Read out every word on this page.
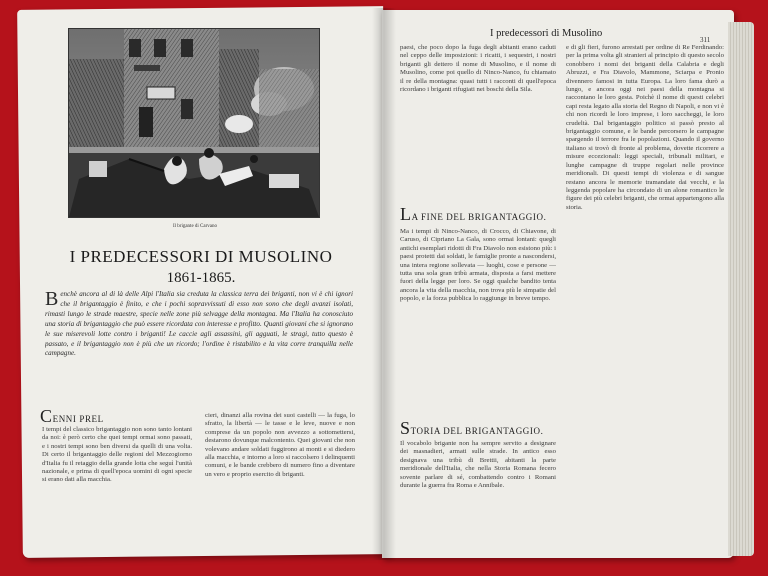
Il brigante di Carvano
I PREDECESSORI DI MUSOLINO
1861-1865.
Benchè ancora al di là delle Alpi l'Italia sia creduta la classica terra dei briganti, non vi è chi ignori che il brigantaggio è finito, e che i pochi sopravvissuti di esso non sono che degli avanzi isolati, rimasti lungo le strade maestre, specie nelle zone più selvagge della montagna. Ma l'Italia ha conosciuto una storia di brigantaggio che può essere ricordata con interesse e profitto. Quanti giovani che si ignorano le sue miserevoli lotte contro i briganti! Le caccie agli assassini, gli agguati, le stragi, tutto questo è passato, e il brigantaggio non è più che un ricordo; l'ordine è ristabilito e la vita corre tranquilla nelle campagne.
CENNI PREL
I tempi del classico brigantaggio non sono tanto lontani da noi: è però certo che quei tempi ormai sono passati, e i nostri tempi sono ben diversi da quelli di una volta. Di certo il brigantaggio delle regioni del Mezzogiorno d'Italia fu il retaggio della grande lotta che seguì l'unità nazionale, e prima di quell'epoca uomini di ogni specie si erano dati alla macchia.
cieri, dinanzi alla rovina dei suoi castelli — la fuga, lo sfratto, la libertà — le tasse e le leve, nuove e non comprese da un popolo non avvezzo a sottomettersi, destarono dovunque malcontento. Quei giovani che non volevano andare soldati fuggirono ai monti e si diedero alla macchia, e intorno a loro si raccolsero i delinquenti comuni, e le bande crebbero di numero fino a diventare un vero e proprio esercito di briganti.
I predecessori di Musolino
311
paesi, che poco dopo la fuga degli abitanti erano caduti nel ceppo delle imposizioni: i ricatti, i sequestri, i nostri briganti gli dettero il nome di Musolino, e il nome di Musolino, come poi quello di Ninco-Nanco, fu chiamato il re della montagna: quasi tutti i racconti di quell'epoca ricordano i briganti rifugiati nei boschi della Sila.
LA FINE DEL BRIGANTAGGIO.
Ma i tempi di Ninco-Nanco, di Crocco, di Chiavone, di Caruso, di Cipriano La Gala, sono ormai lontani: quegli antichi esemplari ridotti di Fra Diavolo non esistono più: i paesi protetti dai soldati, le famiglie pronte a nascondersi, una intera regione sollevata — luoghi, cose e persone — tutta una sola gran tribù armata, disposta a farsi mettere fuori della legge per loro. Se oggi qualche bandito tenta ancora la vita della macchia, non trova più le simpatie del popolo, e la forza pubblica lo raggiunge in breve tempo.
STORIA DEL BRIGANTAGGIO.
Il vocabolo brigante non ha sempre servito a designare dei masnadieri, armati sulle strade. In antico esso designava una tribù di Brettii, abitanti la parte meridionale dell'Italia, che nella Storia Romana fecero sovente parlare di sé, combattendo contro i Romani durante la guerra fra Roma e Annibale.
e di gli fieri, furono arrestati per ordine di Re Ferdinando: per la prima volta gli stranieri al principio di questo secolo conobbero i nomi dei briganti della Calabria e degli Abruzzi, e Fra Diavolo, Mammone, Sciarpa e Pronio divennero famosi in tutta Europa. La loro fama durò a lungo, e ancora oggi nei paesi della montagna si raccontano le loro gesta. Poichè il nome di questi celebri capi resta legato alla storia del Regno di Napoli, e non vi è chi non ricordi le loro imprese, i loro saccheggi, le loro crudeltà. Dal brigantaggio politico si passò presto al brigantaggio comune, e le bande percorsero le campagne spargendo il terrore fra le popolazioni. Quando il governo italiano si trovò di fronte al problema, dovette ricorrere a misure eccezionali: leggi speciali, tribunali militari, e lunghe campagne di truppe regolari nelle province meridionali. Di questi tempi di violenza e di sangue restano ancora le memorie tramandate dai vecchi, e la leggenda popolare ha circondato di un alone romantico le figure dei più celebri briganti, che ormai appartengono alla storia.
